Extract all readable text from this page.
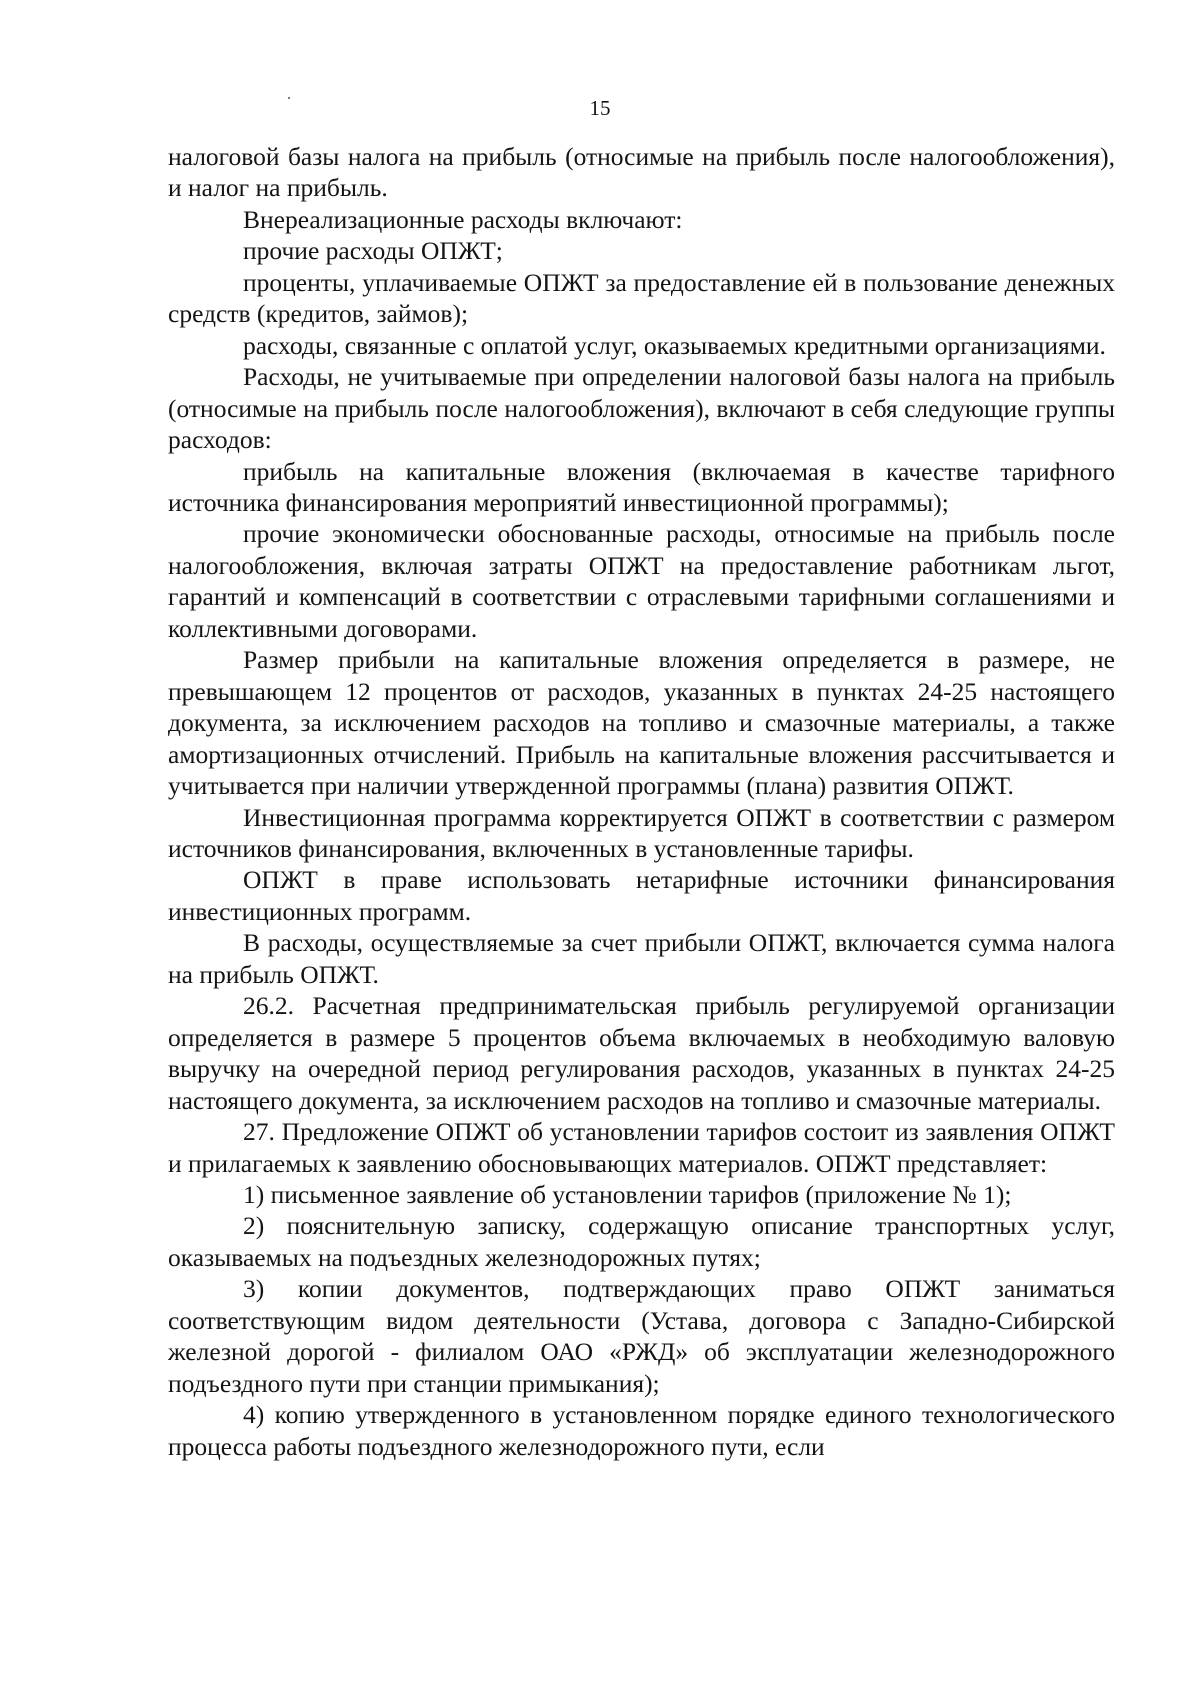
15

налоговой базы налога на прибыль (относимые на прибыль после налогообложения), и налог на прибыль.

Внереализационные расходы включают:

прочие расходы ОПЖТ;

проценты, уплачиваемые ОПЖТ за предоставление ей в пользование денежных средств (кредитов, займов);

расходы, связанные с оплатой услуг, оказываемых кредитными организациями.

Расходы, не учитываемые при определении налоговой базы налога на прибыль (относимые на прибыль после налогообложения), включают в себя следующие группы расходов:

прибыль на капитальные вложения (включаемая в качестве тарифного источника финансирования мероприятий инвестиционной программы);

прочие экономически обоснованные расходы, относимые на прибыль после налогообложения, включая затраты ОПЖТ на предоставление работникам льгот, гарантий и компенсаций в соответствии с отраслевыми тарифными соглашениями и коллективными договорами.

Размер прибыли на капитальные вложения определяется в размере, не превышающем 12 процентов от расходов, указанных в пунктах 24-25 настоящего документа, за исключением расходов на топливо и смазочные материалы, а также амортизационных отчислений. Прибыль на капитальные вложения рассчитывается и учитывается при наличии утвержденной программы (плана) развития ОПЖТ.

Инвестиционная программа корректируется ОПЖТ в соответствии с размером источников финансирования, включенных в установленные тарифы.

ОПЖТ в праве использовать нетарифные источники финансирования инвестиционных программ.

В расходы, осуществляемые за счет прибыли ОПЖТ, включается сумма налога на прибыль ОПЖТ.

26.2. Расчетная предпринимательская прибыль регулируемой организации определяется в размере 5 процентов объема включаемых в необходимую валовую выручку на очередной период регулирования расходов, указанных в пунктах 24-25 настоящего документа, за исключением расходов на топливо и смазочные материалы.

27. Предложение ОПЖТ об установлении тарифов состоит из заявления ОПЖТ и прилагаемых к заявлению обосновывающих материалов. ОПЖТ представляет:

1) письменное заявление об установлении тарифов (приложение № 1);

2) пояснительную записку, содержащую описание транспортных услуг, оказываемых на подъездных железнодорожных путях;

3) копии документов, подтверждающих право ОПЖТ заниматься соответствующим видом деятельности (Устава, договора с Западно-Сибирской железной дорогой - филиалом ОАО «РЖД» об эксплуатации железнодорожного подъездного пути при станции примыкания);

4) копию утвержденного в установленном порядке единого технологического процесса работы подъездного железнодорожного пути, если
